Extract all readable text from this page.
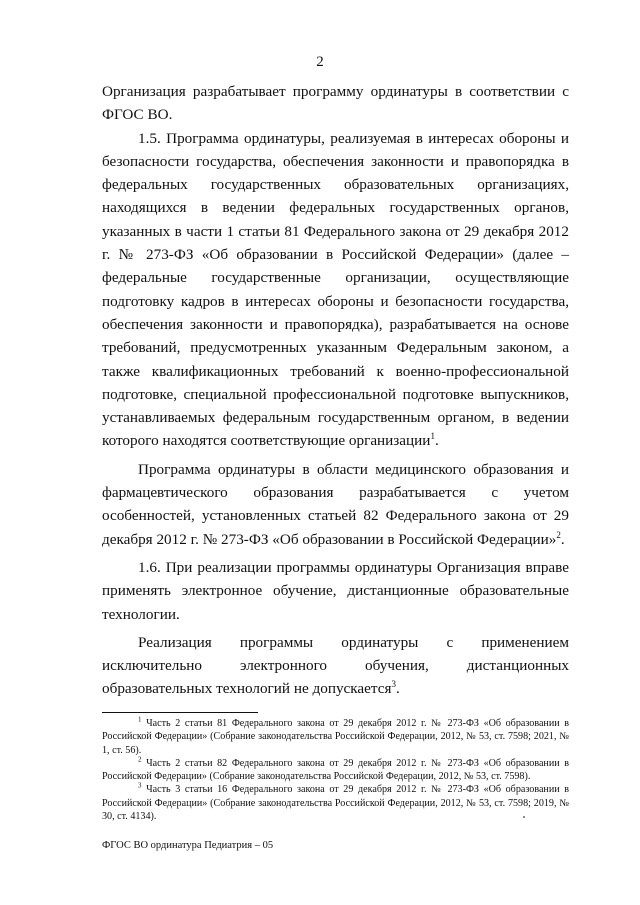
2

Организация разрабатывает программу ординатуры в соответствии с ФГОС ВО.

1.5. Программа ординатуры, реализуемая в интересах обороны и безопасности государства, обеспечения законности и правопорядка в федеральных государственных образовательных организациях, находящихся в ведении федеральных государственных органов, указанных в части 1 статьи 81 Федерального закона от 29 декабря 2012 г. № 273-ФЗ «Об образовании в Российской Федерации» (далее – федеральные государственные организации, осуществляющие подготовку кадров в интересах обороны и безопасности государства, обеспечения законности и правопорядка), разрабатывается на основе требований, предусмотренных указанным Федеральным законом, а также квалификационных требований к военно-профессиональной подготовке, специальной профессиональной подготовке выпускников, устанавливаемых федеральным государственным органом, в ведении которого находятся соответствующие организации$^1$.

Программа ординатуры в области медицинского образования и фармацевтического образования разрабатывается с учетом особенностей, установленных статьей 82 Федерального закона от 29 декабря 2012 г. № 273-ФЗ «Об образовании в Российской Федерации»$^2$.

1.6. При реализации программы ординатуры Организация вправе применять электронное обучение, дистанционные образовательные технологии.

Реализация программы ординатуры с применением исключительно электронного обучения, дистанционных образовательных технологий не допускается$^3$.

$^1$ Часть 2 статьи 81 Федерального закона от 29 декабря 2012 г. № 273-ФЗ «Об образовании в Российской Федерации» (Собрание законодательства Российской Федерации, 2012, № 53, ст. 7598; 2021, № 1, ст. 56).

$^2$ Часть 2 статьи 82 Федерального закона от 29 декабря 2012 г. № 273-ФЗ «Об образовании в Российской Федерации» (Собрание законодательства Российской Федерации, 2012, № 53, ст. 7598).

$^3$ Часть 3 статьи 16 Федерального закона от 29 декабря 2012 г. № 273-ФЗ «Об образовании в Российской Федерации» (Собрание законодательства Российской Федерации, 2012, № 53, ст. 7598; 2019, № 30, ст. 4134).

ФГОС ВО ординатура Педиатрия – 05
